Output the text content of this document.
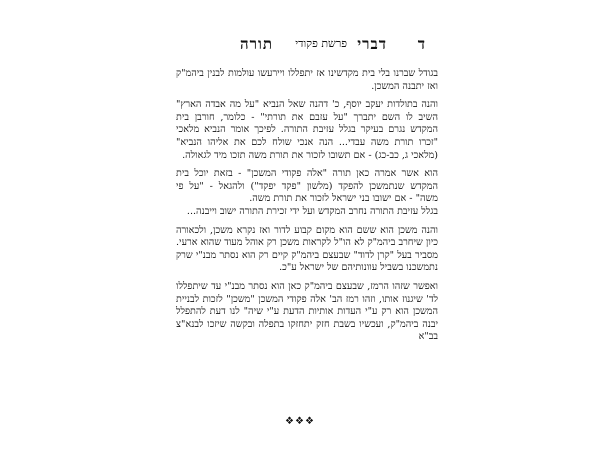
ד
דברי
פרשת פקודי
תורה

בגודל שברנו בלי בית מקדשינו אז יתפללו ויירעשו עולמות לבנין ביהמ"ק ואז יתבנה המשכן.

והנה בתולדות יעקב יוסף, כ' דהנה שאל הנביא "על מה אבדה הארץ" השיב לו השם יתברך "על עזבם את תורתי" - כלומר, חורבן בית המקדש נגרם בעיקר בגלל עזיבת התורה. לפיכך אומר הנביא מלאכי "זכרו תורת משה עבדי... הנה אנכי שולח לכם את אליהו הנביא" (מלאכי ג, כב-כג) - אם תשובו לזכור את תורת משה תזכו מיד לגאולה.

הוא אשר אמרה כאן תורה "אלה פקודי המשכן" - בזאת יוכל בית המקדש שנתמשכן להפקד (מלשון "פקד יפקד") ולהגאל - "על פי משה" - אם ישובו בני ישראל לזכור את תורת משה.

בגלל עזיבת התורה נחרב המקדש ועל ידי זכירת התורה ישוב וייבנה...

והנה משכן הוא ששם הוא מקום קבוע לדור ואז נקרא משכן, ולכאורה כיון שיחרב ביהמ"ק לא הו"ל לקראות משכן רק אוהל מעוד שהוא ארעי. מסביר בעל "קרן לדוד" שבעצם ביהמ"ק קיים רק הוא נסתר מבנ"י שרק נתמשכנו בשביל עוונותיהם של ישראל ע"כ.

ואפשר שזהו הרמז, שבעצם ביהמ"ק כאן הוא נסתר מבנ"י עד שיתפללו לד' שיגנוז אותו, וזהו רמז הב' אלה פקודי המשכן "משכן" לזכות לבניית המשכן הוא רק ע"י העדות אותיות הדעת ע"י שיה" לנו דעת להתפלל יבנה ביהמ"ק, ועכשיו בשבת חזק יתחזקו בתפלה ובקשה שיזכו לבנא"צ בב"א

❖❖❖
